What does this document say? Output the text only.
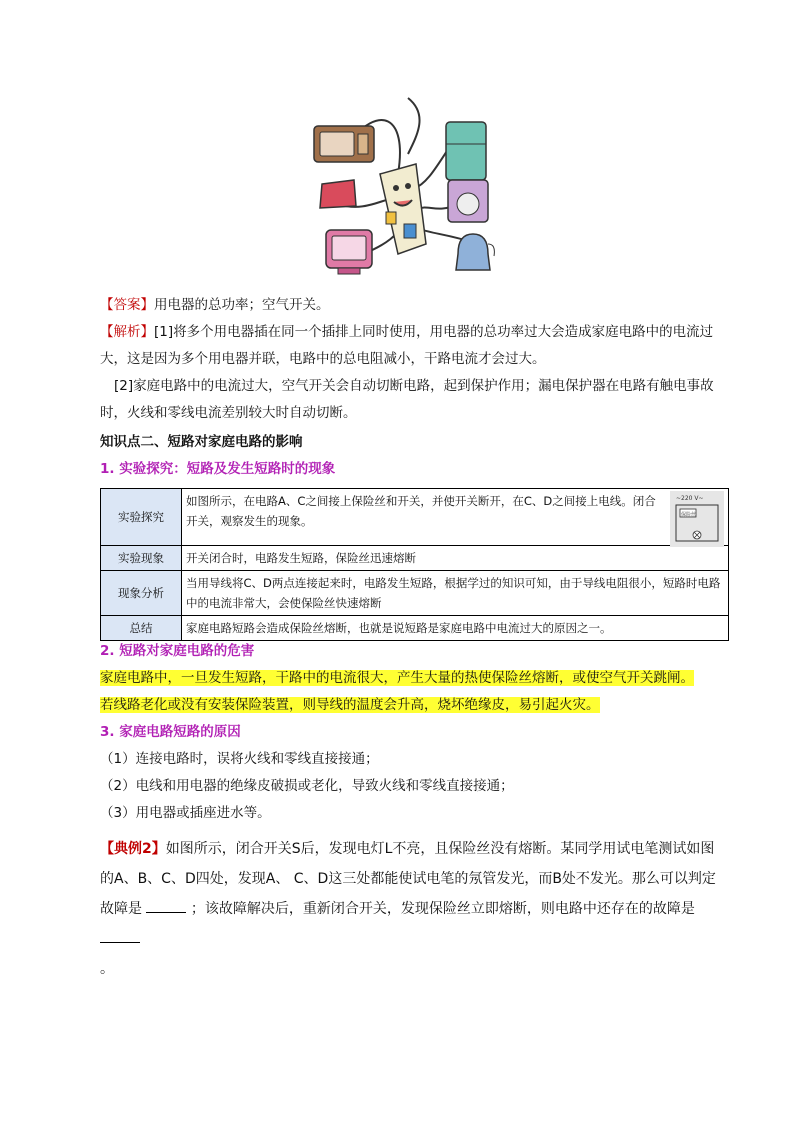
【答案】用电器的总功率；空气开关。

【解析】[1]将多个用电器插在同一个插排上同时使用，用电器的总功率过大会造成家庭电路中的电流过大，这是因为多个用电器并联，电路中的总电阻减小，干路电流才会过大。

[2]家庭电路中的电流过大，空气开关会自动切断电路，起到保护作用；漏电保护器在电路有触电事故时，火线和零线电流差别较大时自动切断。

知识点二、短路对家庭电路的影响

1. 实验探究：短路及发生短路时的现象

实验探究	如图所示，在电路A、C之间接上保险丝和开关，并使开关断开，在C、D之间接上电线。闭合开关，观察发生的现象。
~220 V~
保险丝

实验现象	开关闭合时，电路发生短路，保险丝迅速熔断
现象分析	当用导线将C、D两点连接起来时，电路发生短路，根据学过的知识可知，由于导线电阻很小，短路时电路中的电流非常大，会使保险丝快速熔断
总结	家庭电路短路会造成保险丝熔断，也就是说短路是家庭电路中电流过大的原因之一。

2. 短路对家庭电路的危害

家庭电路中，一旦发生短路，干路中的电流很大，产生大量的热使保险丝熔断，或使空气开关跳闸。

若线路老化或没有安装保险装置，则导线的温度会升高，烧坏绝缘皮，易引起火灾。

3. 家庭电路短路的原因

（1）连接电路时，误将火线和零线直接接通；

（2）电线和用电器的绝缘皮破损或老化，导致火线和零线直接接通；

（3）用电器或插座进水等。

【典例2】如图所示，闭合开关S后，发现电灯L不亮，且保险丝没有熔断。某同学用试电笔测试如图的A、B、C、D四处，发现A、 C、D这三处都能使试电笔的氖管发光，而B处不发光。那么可以判定故障是	；该故障解决后，重新闭合开关，发现保险丝立即熔断，则电路中还存在的故障是
。
